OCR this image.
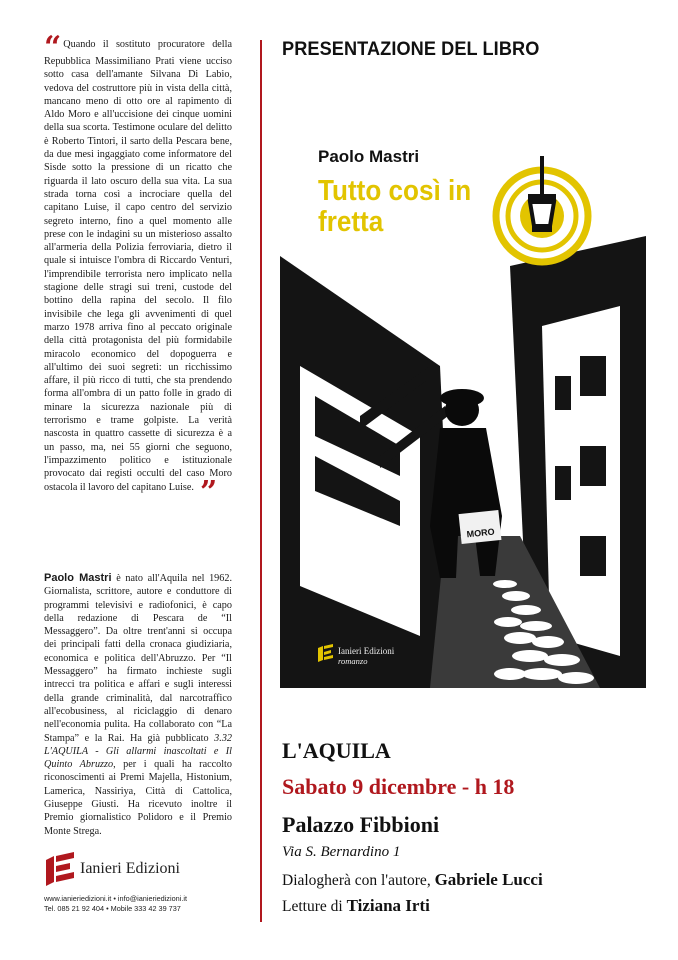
“ Quando il sostituto procuratore della Repubblica Massimiliano Prati viene ucciso sotto casa dell'amante Silvana Di Labio, vedova del costruttore più in vista della città, mancano meno di otto ore al rapimento di Aldo Moro e all'uccisione dei cinque uomini della sua scorta. Testimone oculare del delitto è Roberto Tintori, il sarto della Pescara bene, da due mesi ingaggiato come informatore del Sisde sotto la pressione di un ricatto che riguarda il lato oscuro della sua vita. La sua strada torna così a incrociare quella del capitano Luise, il capo centro del servizio segreto interno, fino a quel momento alle prese con le indagini su un misterioso assalto all'armeria della Polizia ferroviaria, dietro il quale si intuisce l'ombra di Riccardo Venturi, l'imprendibile terrorista nero implicato nella stagione delle stragi sui treni, custode del bottino della rapina del secolo. Il filo invisibile che lega gli avvenimenti di quel marzo 1978 arriva fino al peccato originale della città protagonista del più formidabile miracolo economico del dopoguerra e all'ultimo dei suoi segreti: un ricchissimo affare, il più ricco di tutti, che sta prendendo forma all'ombra di un patto folle in grado di minare la sicurezza nazionale più di terrorismo e trame golpiste. La verità nascosta in quattro cassette di sicurezza è a un passo, ma, nei 55 giorni che seguono, l'impazzimento politico e istituzionale provocato dai registi occulti del caso Moro ostacola il lavoro del capitano Luise. ”

Paolo Mastri è nato all'Aquila nel 1962. Giornalista, scrittore, autore e conduttore di programmi televisivi e radiofonici, è capo della redazione di Pescara de “Il Messaggero”. Da oltre trent'anni si occupa dei principali fatti della cronaca giudiziaria, economica e politica dell'Abruzzo. Per “Il Messaggero” ha firmato inchieste sugli intrecci tra politica e affari e sugli interessi della grande criminalità, dal narcotraffico all'ecobusiness, al riciclaggio di denaro nell'economia pulita. Ha collaborato con “La Stampa” e la Rai. Ha già pubblicato 3.32 L'AQUILA - Gli allarmi inascoltati e Il Quinto Abruzzo, per i quali ha raccolto riconoscimenti ai Premi Majella, Histonium, Lamerica, Nassiriya, Città di Cattolica, Giuseppe Giusti. Ha ricevuto inoltre il Premio giornalistico Polidoro e il Premio Monte Strega.

Ianieri Edizioni
www.ianieriedizioni.it • info@ianieriedizioni.it
Tel. 085 21 92 404 • Mobile 333 42 39 737
PRESENTAZIONE DEL LIBRO
MORO
Paolo Mastri
Tutto così in fretta
Ianieri Edizioni
romanzo
L'AQUILA
Sabato 9 dicembre - h 18
Palazzo Fibbioni
Via S. Bernardino 1
Dialogherà con l'autore, Gabriele Lucci
Letture di Tiziana Irti
